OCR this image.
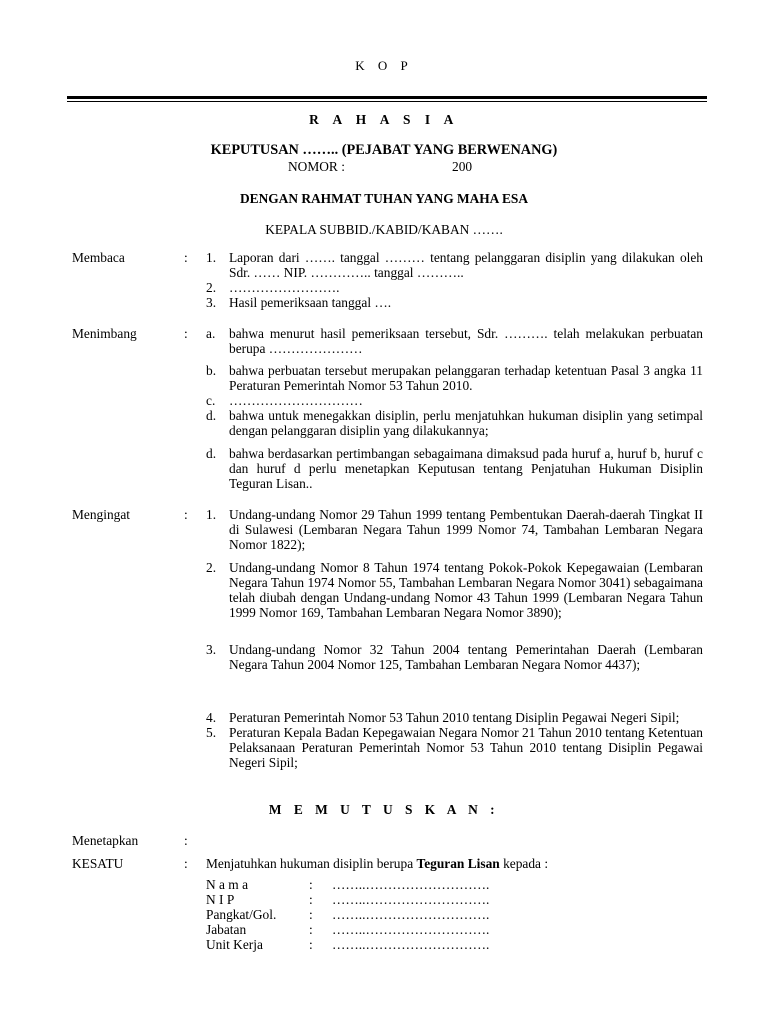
K O P
R A H A S I A
KEPUTUSAN …….. (PEJABAT YANG BERWENANG)
NOMOR :	200
DENGAN RAHMAT TUHAN YANG MAHA ESA
KEPALA SUBBID./KABID/KABAN …….
Membaca	: 1. Laporan dari ……. tanggal ……… tentang pelanggaran disiplin yang dilakukan oleh Sdr. …… NIP. ………….. tanggal ………..
2. …………………….
3. Hasil pemeriksaan tanggal ….
Menimbang	: a. bahwa menurut hasil pemeriksaan tersebut, Sdr. ………. telah melakukan perbuatan berupa …………………
b. bahwa perbuatan tersebut merupakan pelanggaran terhadap ketentuan Pasal 3 angka 11 Peraturan Pemerintah Nomor 53 Tahun 2010.
c. …………………………
d. bahwa untuk menegakkan disiplin, perlu menjatuhkan hukuman disiplin yang setimpal dengan pelanggaran disiplin yang dilakukannya;
d. bahwa berdasarkan pertimbangan sebagaimana dimaksud pada huruf a, huruf b, huruf c dan huruf d perlu menetapkan Keputusan tentang Penjatuhan Hukuman Disiplin Teguran Lisan..
Mengingat	: 1. Undang-undang Nomor 29 Tahun 1999 tentang Pembentukan Daerah-daerah Tingkat II di Sulawesi (Lembaran Negara Tahun 1999 Nomor 74, Tambahan Lembaran Negara Nomor 1822);
2. Undang-undang Nomor 8 Tahun 1974 tentang Pokok-Pokok Kepegawaian (Lembaran Negara Tahun 1974 Nomor 55, Tambahan Lembaran Negara Nomor 3041) sebagaimana telah diubah dengan Undang-undang Nomor 43 Tahun 1999 (Lembaran Negara Tahun 1999 Nomor 169, Tambahan Lembaran Negara Nomor 3890);
3. Undang-undang Nomor 32 Tahun 2004 tentang Pemerintahan Daerah (Lembaran Negara Tahun 2004 Nomor 125, Tambahan Lembaran Negara Nomor 4437);
4. Peraturan Pemerintah Nomor 53 Tahun 2010 tentang Disiplin Pegawai Negeri Sipil;
5. Peraturan Kepala Badan Kepegawaian Negara Nomor 21 Tahun 2010 tentang Ketentuan Pelaksanaan Peraturan Pemerintah Nomor 53 Tahun 2010 tentang Disiplin Pegawai Negeri Sipil;
M E M U T U S K A N :
Menetapkan	:
KESATU	: Menjatuhkan hukuman disiplin berupa Teguran Lisan kepada :
N a m a	: ……..……………………….
N I P	: ……..……………………….
Pangkat/Gol. : ……..……………………….
Jabatan	: ……..……………………….
Unit Kerja	: ……..……………………….
